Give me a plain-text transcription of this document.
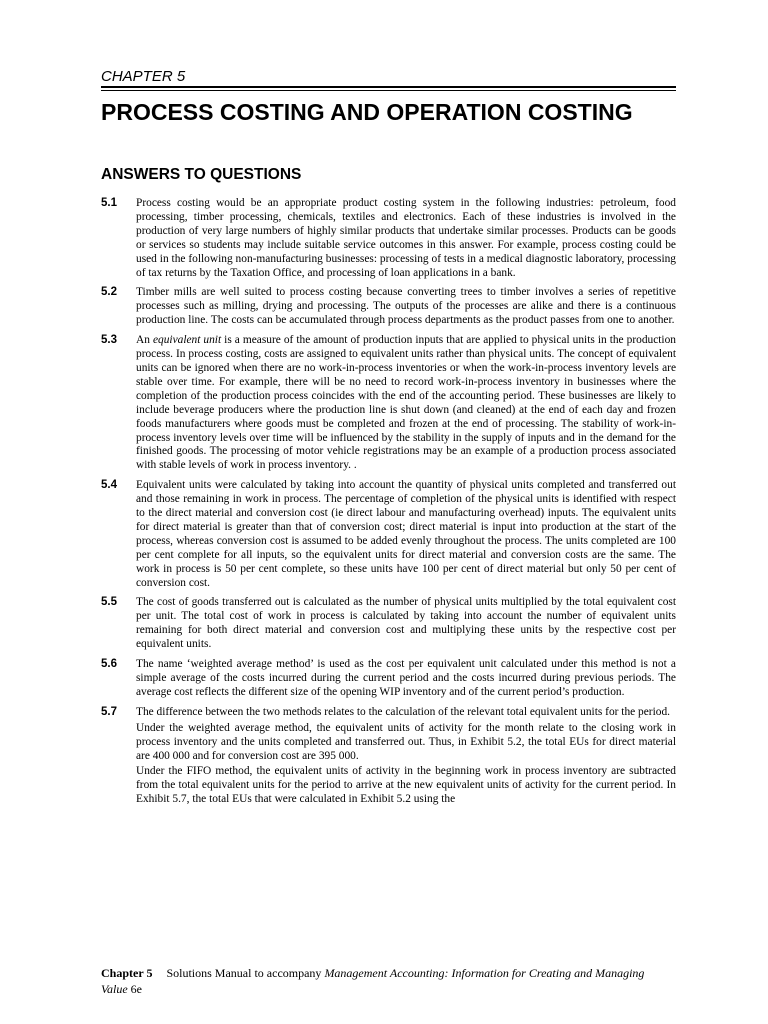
CHAPTER 5
PROCESS COSTING AND OPERATION COSTING
ANSWERS TO QUESTIONS
5.1 Process costing would be an appropriate product costing system in the following industries: petroleum, food processing, timber processing, chemicals, textiles and electronics. Each of these industries is involved in the production of very large numbers of highly similar products that undertake similar processes. Products can be goods or services so students may include suitable service outcomes in this answer. For example, process costing could be used in the following non-manufacturing businesses: processing of tests in a medical diagnostic laboratory, processing of tax returns by the Taxation Office, and processing of loan applications in a bank.

5.2 Timber mills are well suited to process costing because converting trees to timber involves a series of repetitive processes such as milling, drying and processing. The outputs of the processes are alike and there is a continuous production line. The costs can be accumulated through process departments as the product passes from one to another.

5.3 An equivalent unit is a measure of the amount of production inputs that are applied to physical units in the production process. In process costing, costs are assigned to equivalent units rather than physical units. The concept of equivalent units can be ignored when there are no work-in-process inventories or when the work-in-process inventory levels are stable over time. For example, there will be no need to record work-in-process inventory in businesses where the completion of the production process coincides with the end of the accounting period. These businesses are likely to include beverage producers where the production line is shut down (and cleaned) at the end of each day and frozen foods manufacturers where goods must be completed and frozen at the end of processing. The stability of work-in-process inventory levels over time will be influenced by the stability in the supply of inputs and in the demand for the finished goods. The processing of motor vehicle registrations may be an example of a production process associated with stable levels of work in process inventory. .

5.4 Equivalent units were calculated by taking into account the quantity of physical units completed and transferred out and those remaining in work in process. The percentage of completion of the physical units is identified with respect to the direct material and conversion cost (ie direct labour and manufacturing overhead) inputs. The equivalent units for direct material is greater than that of conversion cost; direct material is input into production at the start of the process, whereas conversion cost is assumed to be added evenly throughout the process. The units completed are 100 per cent complete for all inputs, so the equivalent units for direct material and conversion costs are the same. The work in process is 50 per cent complete, so these units have 100 per cent of direct material but only 50 per cent of conversion cost.

5.5 The cost of goods transferred out is calculated as the number of physical units multiplied by the total equivalent cost per unit. The total cost of work in process is calculated by taking into account the number of equivalent units remaining for both direct material and conversion cost and multiplying these units by the respective cost per equivalent units.

5.6 The name ‘weighted average method’ is used as the cost per equivalent unit calculated under this method is not a simple average of the costs incurred during the current period and the costs incurred during previous periods. The average cost reflects the different size of the opening WIP inventory and of the current period’s production.

5.7 The difference between the two methods relates to the calculation of the relevant total equivalent units for the period.

Under the weighted average method, the equivalent units of activity for the month relate to the closing work in process inventory and the units completed and transferred out. Thus, in Exhibit 5.2, the total EUs for direct material are 400 000 and for conversion cost are 395 000.

Under the FIFO method, the equivalent units of activity in the beginning work in process inventory are subtracted from the total equivalent units for the period to arrive at the new equivalent units of activity for the current period. In Exhibit 5.7, the total EUs that were calculated in Exhibit 5.2 using the

Chapter 5 Solutions Manual to accompany Management Accounting: Information for Creating and Managing Value 6e
